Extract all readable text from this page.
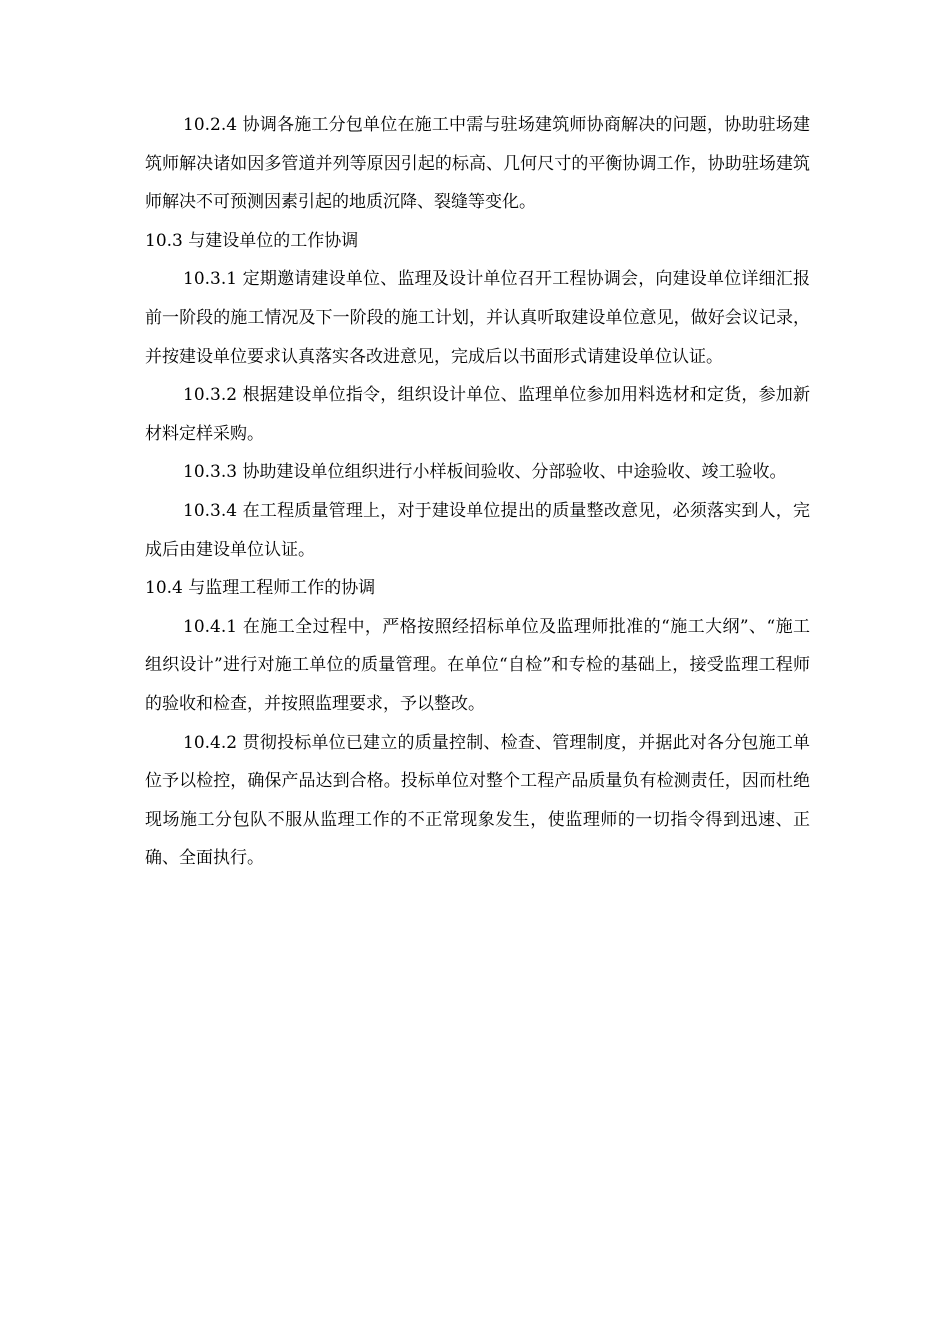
10.2.4 协调各施工分包单位在施工中需与驻场建筑师协商解决的问题，协助驻场建筑师解决诸如因多管道并列等原因引起的标高、几何尺寸的平衡协调工作，协助驻场建筑师解决不可预测因素引起的地质沉降、裂缝等变化。

10.3 与建设单位的工作协调

10.3.1 定期邀请建设单位、监理及设计单位召开工程协调会，向建设单位详细汇报前一阶段的施工情况及下一阶段的施工计划，并认真听取建设单位意见，做好会议记录，并按建设单位要求认真落实各改进意见，完成后以书面形式请建设单位认证。

10.3.2 根据建设单位指令，组织设计单位、监理单位参加用料选材和定货，参加新材料定样采购。

10.3.3 协助建设单位组织进行小样板间验收、分部验收、中途验收、竣工验收。

10.3.4 在工程质量管理上，对于建设单位提出的质量整改意见，必须落实到人，完成后由建设单位认证。

10.4 与监理工程师工作的协调

10.4.1 在施工全过程中，严格按照经招标单位及监理师批准的“施工大纲”、“施工组织设计”进行对施工单位的质量管理。在单位“自检”和专检的基础上，接受监理工程师的验收和检查，并按照监理要求，予以整改。

10.4.2 贯彻投标单位已建立的质量控制、检查、管理制度，并据此对各分包施工单位予以检控，确保产品达到合格。投标单位对整个工程产品质量负有检测责任，因而杜绝现场施工分包队不服从监理工作的不正常现象发生，使监理师的一切指令得到迅速、正确、全面执行。
